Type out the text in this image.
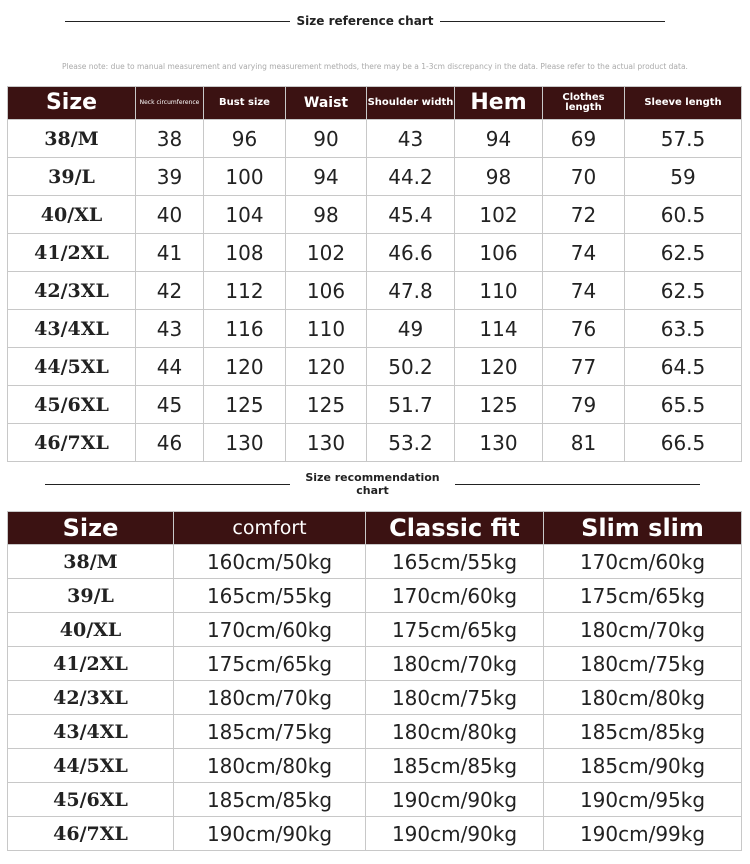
Size reference chart
Please note: due to manual measurement and varying measurement methods, there may be a 1-3cm discrepancy in the data. Please refer to the actual product data.
Size	Neck circumference	Bust size	Waist	Shoulder width	Hem	Clothes length	Sleeve length
38/M	38	96	90	43	94	69	57.5
39/L	39	100	94	44.2	98	70	59
40/XL	40	104	98	45.4	102	72	60.5
41/2XL	41	108	102	46.6	106	74	62.5
42/3XL	42	112	106	47.8	110	74	62.5
43/4XL	43	116	110	49	114	76	63.5
44/5XL	44	120	120	50.2	120	77	64.5
45/6XL	45	125	125	51.7	125	79	65.5
46/7XL	46	130	130	53.2	130	81	66.5
Size recommendation
chart
Size	comfort	Classic fit	Slim slim
38/M	160cm/50kg	165cm/55kg	170cm/60kg
39/L	165cm/55kg	170cm/60kg	175cm/65kg
40/XL	170cm/60kg	175cm/65kg	180cm/70kg
41/2XL	175cm/65kg	180cm/70kg	180cm/75kg
42/3XL	180cm/70kg	180cm/75kg	180cm/80kg
43/4XL	185cm/75kg	180cm/80kg	185cm/85kg
44/5XL	180cm/80kg	185cm/85kg	185cm/90kg
45/6XL	185cm/85kg	190cm/90kg	190cm/95kg
46/7XL	190cm/90kg	190cm/90kg	190cm/99kg
